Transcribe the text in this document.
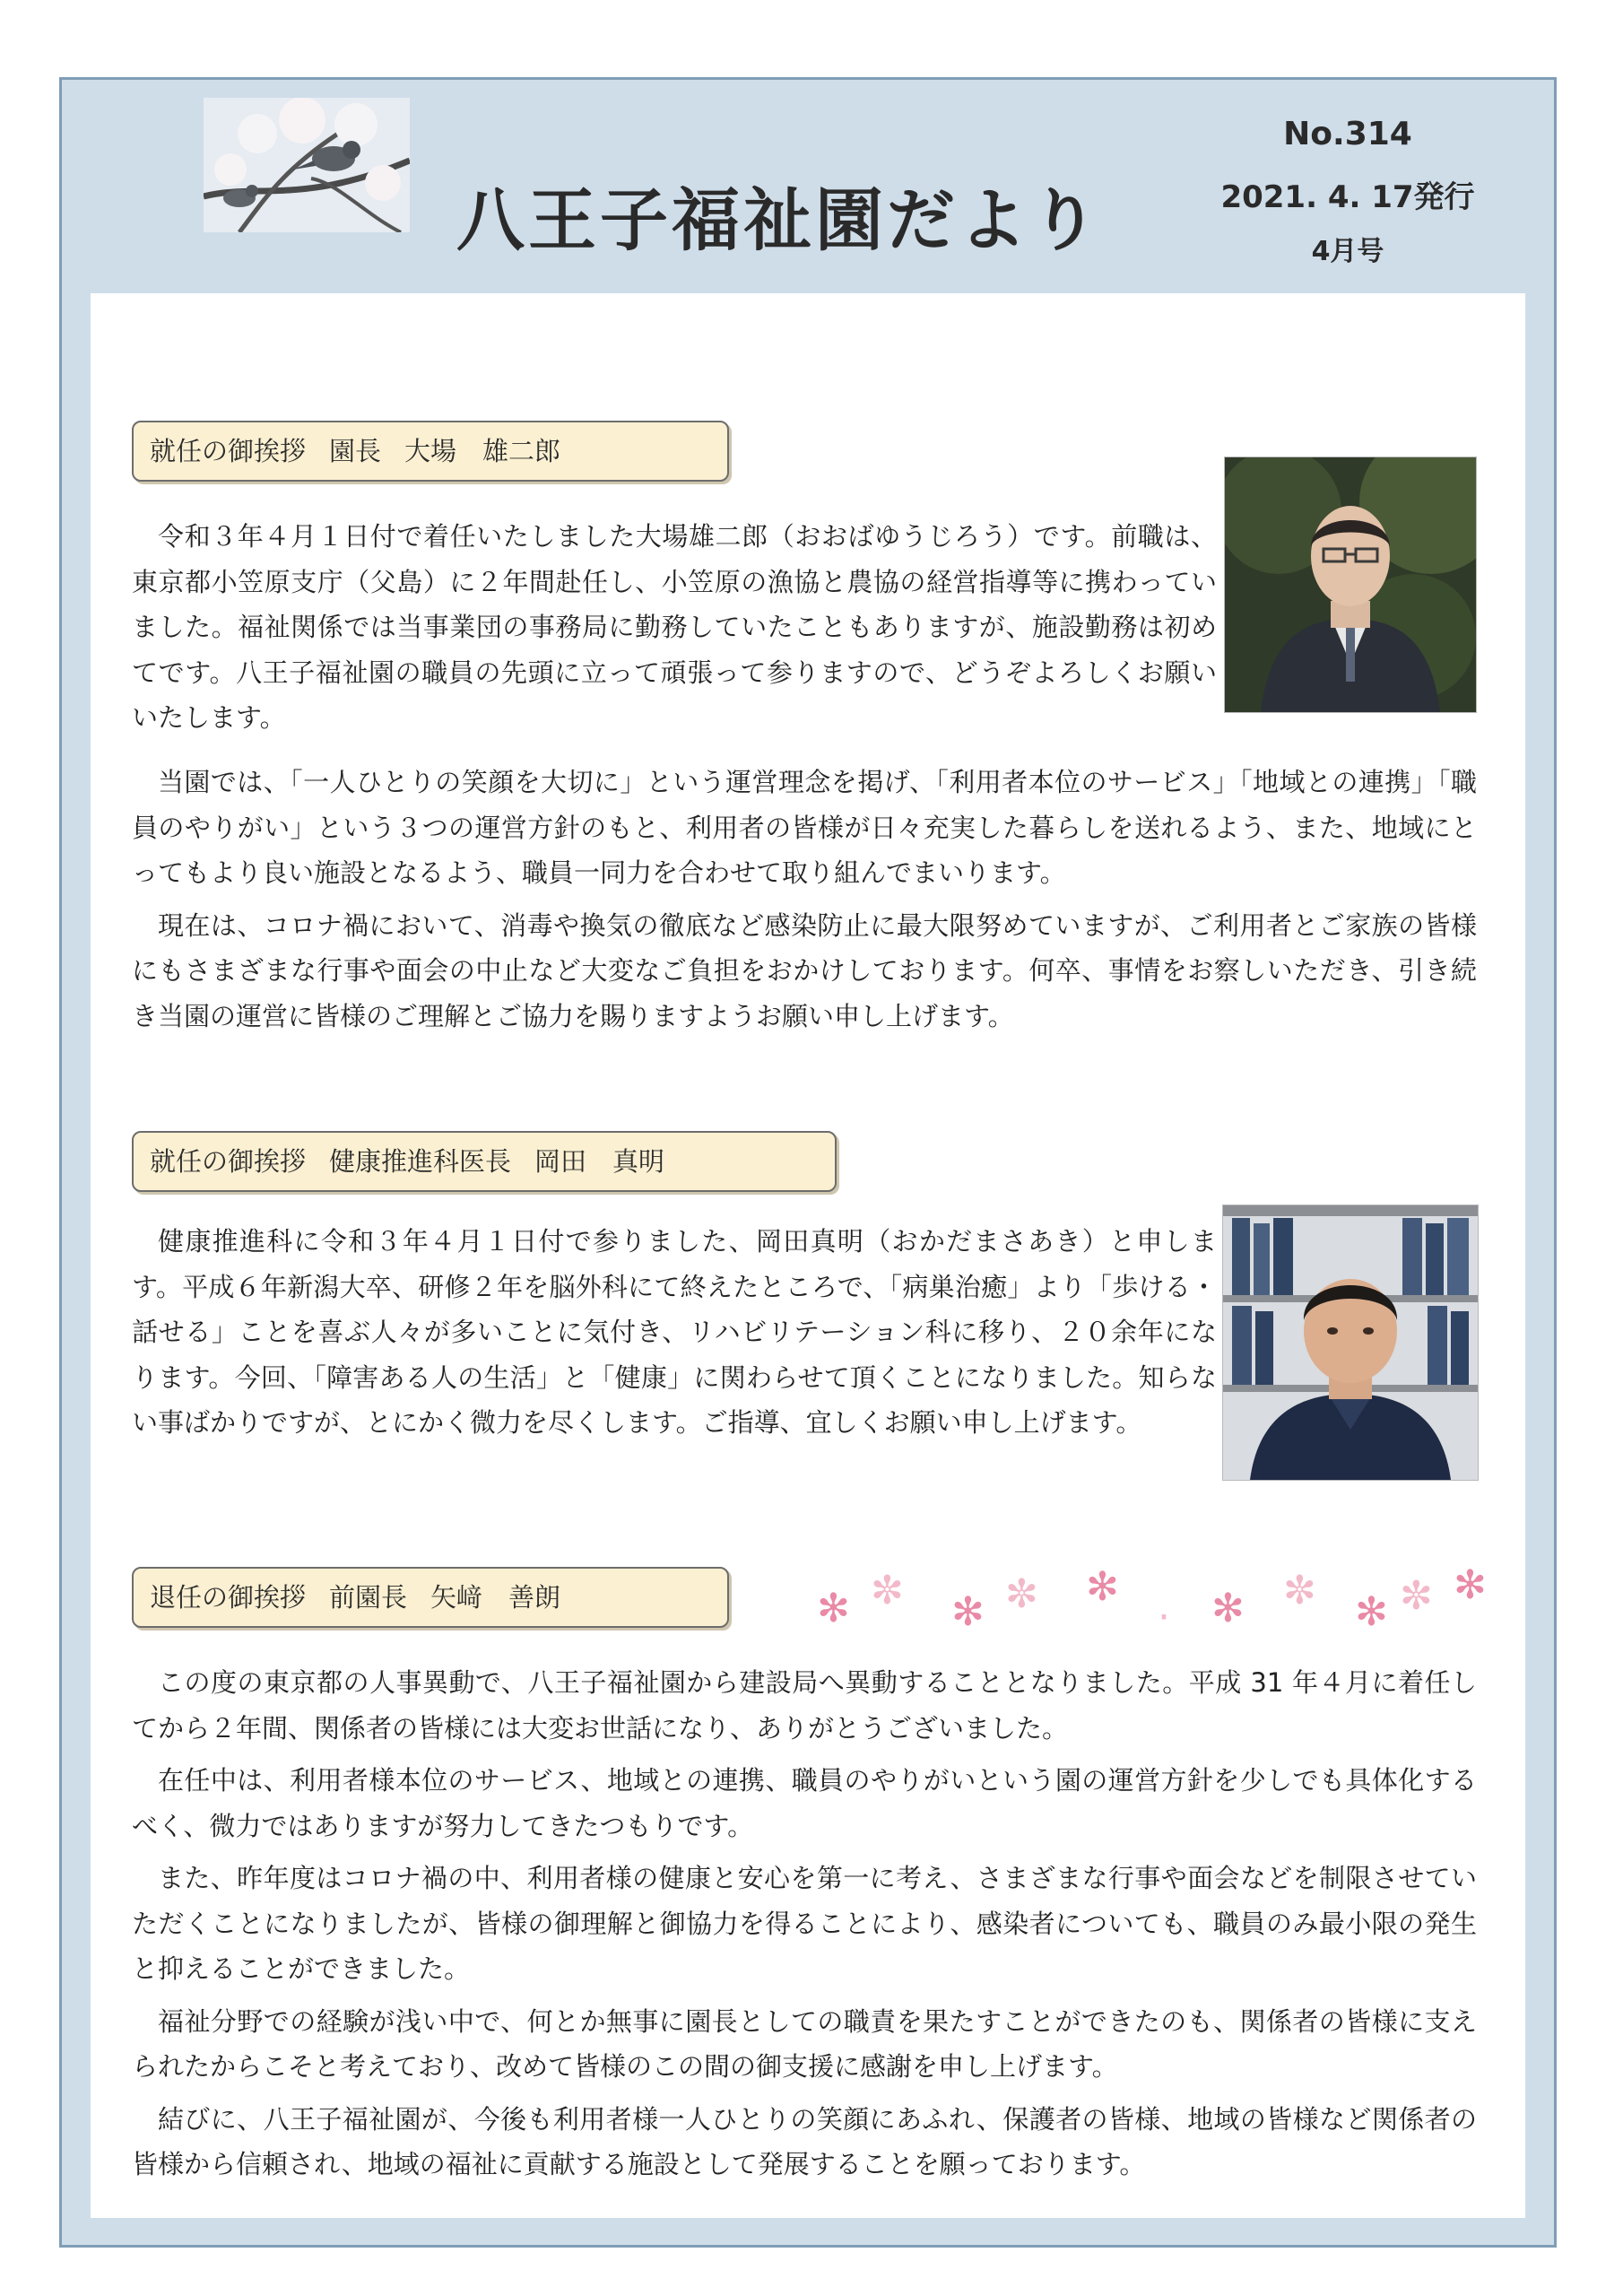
八王子福祉園だより
No.314
2021. 4. 17発行
4月号
就任の御挨拶 園長 大場　雄二郎

令和３年４月１日付で着任いたしました大場雄二郎（おおばゆうじろう）です。前職は、東京都小笠原支庁（父島）に２年間赴任し、小笠原の漁協と農協の経営指導等に携わっていました。福祉関係では当事業団の事務局に勤務していたこともありますが、施設勤務は初めてです。八王子福祉園の職員の先頭に立って頑張って参りますので、どうぞよろしくお願いいたします。

当園では、「一人ひとりの笑顔を大切に」という運営理念を掲げ、「利用者本位のサービス」「地域との連携」「職員のやりがい」という３つの運営方針のもと、利用者の皆様が日々充実した暮らしを送れるよう、また、地域にとってもより良い施設となるよう、職員一同力を合わせて取り組んでまいります。

現在は、コロナ禍において、消毒や換気の徹底など感染防止に最大限努めていますが、ご利用者とご家族の皆様にもさまざまな行事や面会の中止など大変なご負担をおかけしております。何卒、事情をお察しいただき、引き続き当園の運営に皆様のご理解とご協力を賜りますようお願い申し上げます。

就任の御挨拶 健康推進科医長 岡田　真明

健康推進科に令和３年４月１日付で参りました、岡田真明（おかだまさあき）と申します。平成６年新潟大卒、研修２年を脳外科にて終えたところで、「病巣治癒」より「歩ける・話せる」ことを喜ぶ人々が多いことに気付き、リハビリテーション科に移り、２０余年になります。今回、「障害ある人の生活」と「健康」に関わらせて頂くことになりました。知らない事ばかりですが、とにかく微力を尽くします。ご指導、宜しくお願い申し上げます。

退任の御挨拶 前園長 矢﨑　善朗	✻ ✼ ✻ ✼ ✻
· ✻ ✼ ✻ ✼ ✻

この度の東京都の人事異動で、八王子福祉園から建設局へ異動することとなりました。平成 31 年４月に着任してから２年間、関係者の皆様には大変お世話になり、ありがとうございました。

在任中は、利用者様本位のサービス、地域との連携、職員のやりがいという園の運営方針を少しでも具体化するべく、微力ではありますが努力してきたつもりです。

また、昨年度はコロナ禍の中、利用者様の健康と安心を第一に考え、さまざまな行事や面会などを制限させていただくことになりましたが、皆様の御理解と御協力を得ることにより、感染者についても、職員のみ最小限の発生と抑えることができました。

福祉分野での経験が浅い中で、何とか無事に園長としての職責を果たすことができたのも、関係者の皆様に支えられたからこそと考えており、改めて皆様のこの間の御支援に感謝を申し上げます。

結びに、八王子福祉園が、今後も利用者様一人ひとりの笑顔にあふれ、保護者の皆様、地域の皆様など関係者の皆様から信頼され、地域の福祉に貢献する施設として発展することを願っております。
